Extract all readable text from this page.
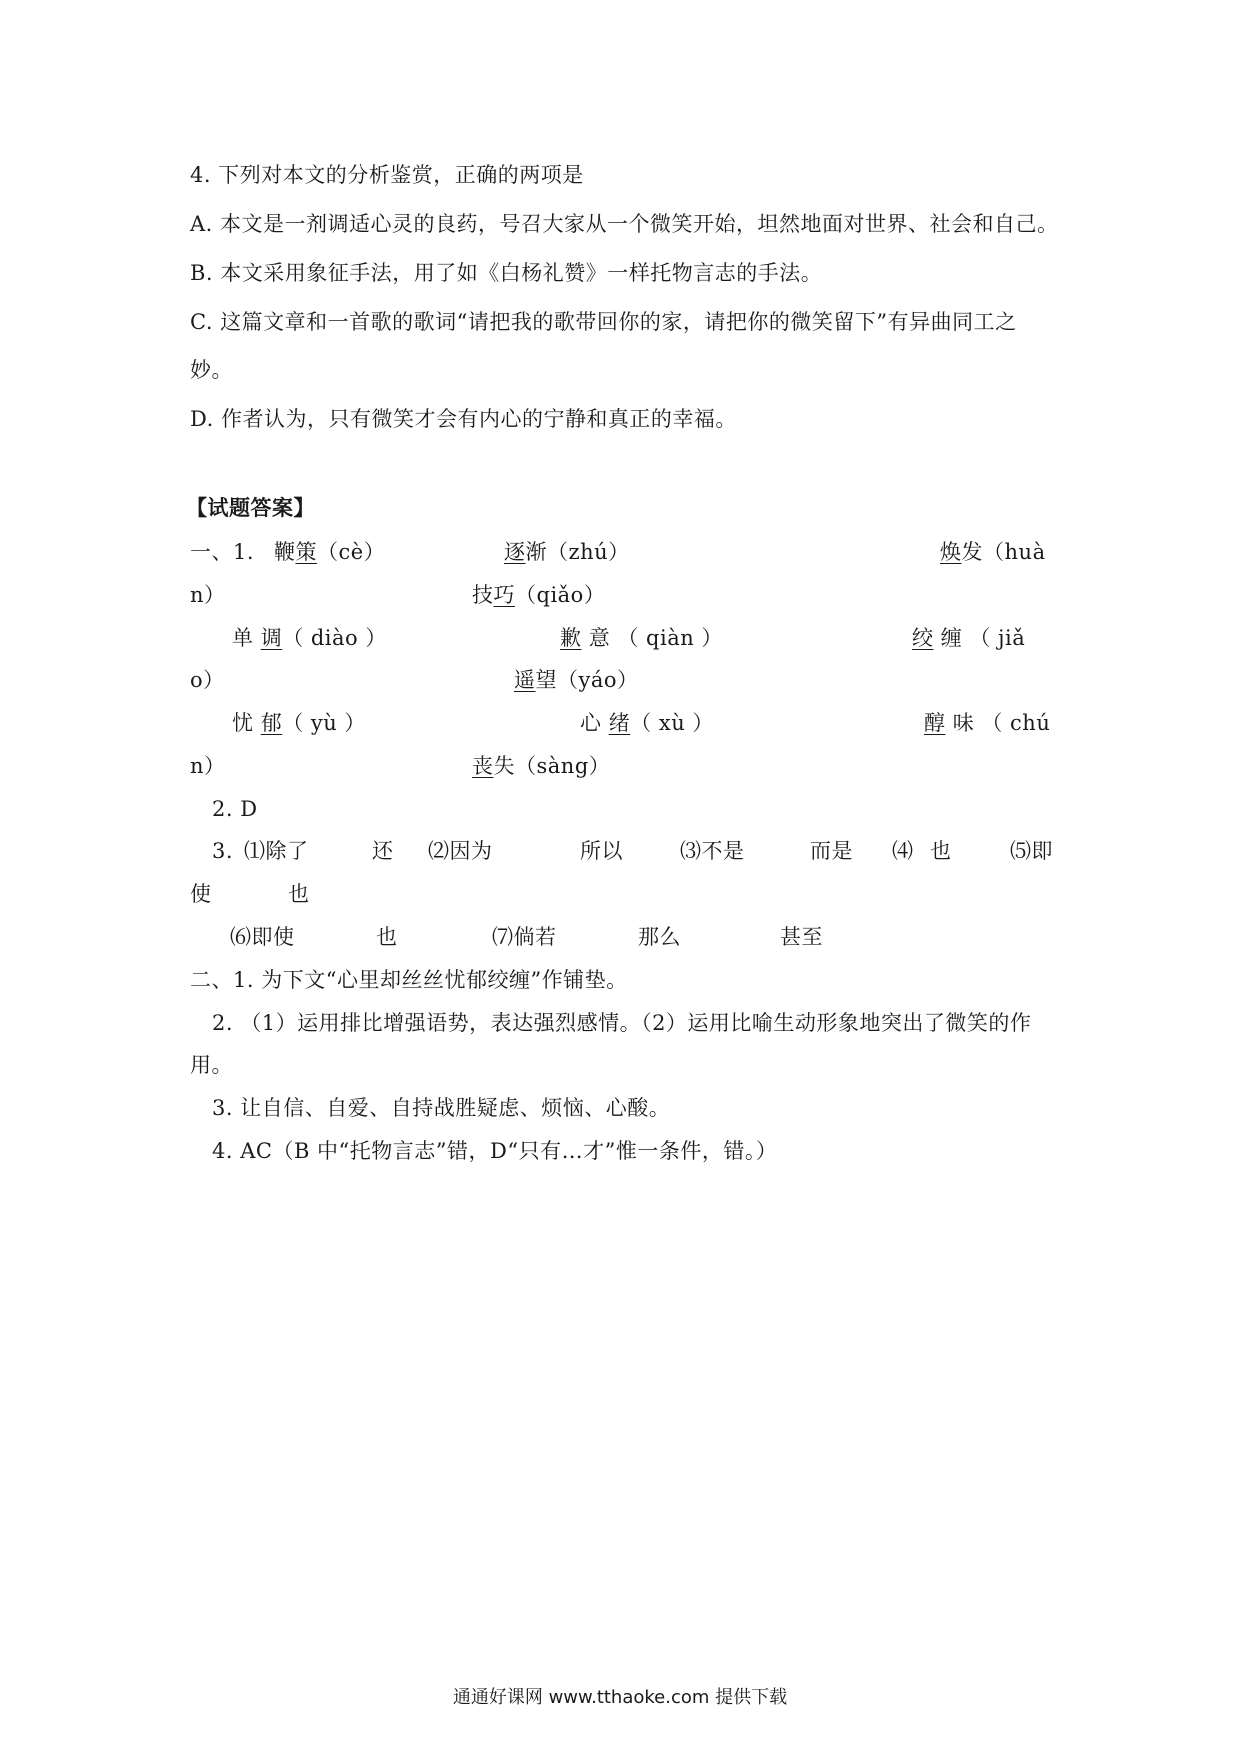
4. 下列对本文的分析鉴赏，正确的两项是
A. 本文是一剂调适心灵的良药，号召大家从一个微笑开始，坦然地面对世界、社会和自己。
B. 本文采用象征手法，用了如《白杨礼赞》一样托物言志的手法。
C. 这篇文章和一首歌的歌词“请把我的歌带回你的家，请把你的微笑留下”有异曲同工之
妙。
D. 作者认为，只有微笑才会有内心的宁静和真正的幸福。
【试题答案】
一、1. 鞭策（cè）	逐渐（zhú）	焕发（huà
n）	技巧（qiǎo）
单 调（ diào ）	歉 意 （ qiàn ）	绞 缠 （ jiǎ
o）	遥望（yáo）
忧 郁（ yù ）	心 绪（ xù ）	醇 味 （ chú
n）	丧失（sàng）
2. D
3. ⑴除了	还 ⑵因为	所以	⑶不是	而是 ⑷ 也	⑸即
使	也
⑹即使	也	⑺倘若	那么	甚至
二、1. 为下文“心里却丝丝忧郁绞缠”作铺垫。
2. （1）运用排比增强语势，表达强烈感情。（2）运用比喻生动形象地突出了微笑的作
用。
3. 让自信、自爱、自持战胜疑虑、烦恼、心酸。
4. AC（B 中“托物言志”错，D“只有…才”惟一条件，错。）
通通好课网 www.tthaoke.com 提供下载
